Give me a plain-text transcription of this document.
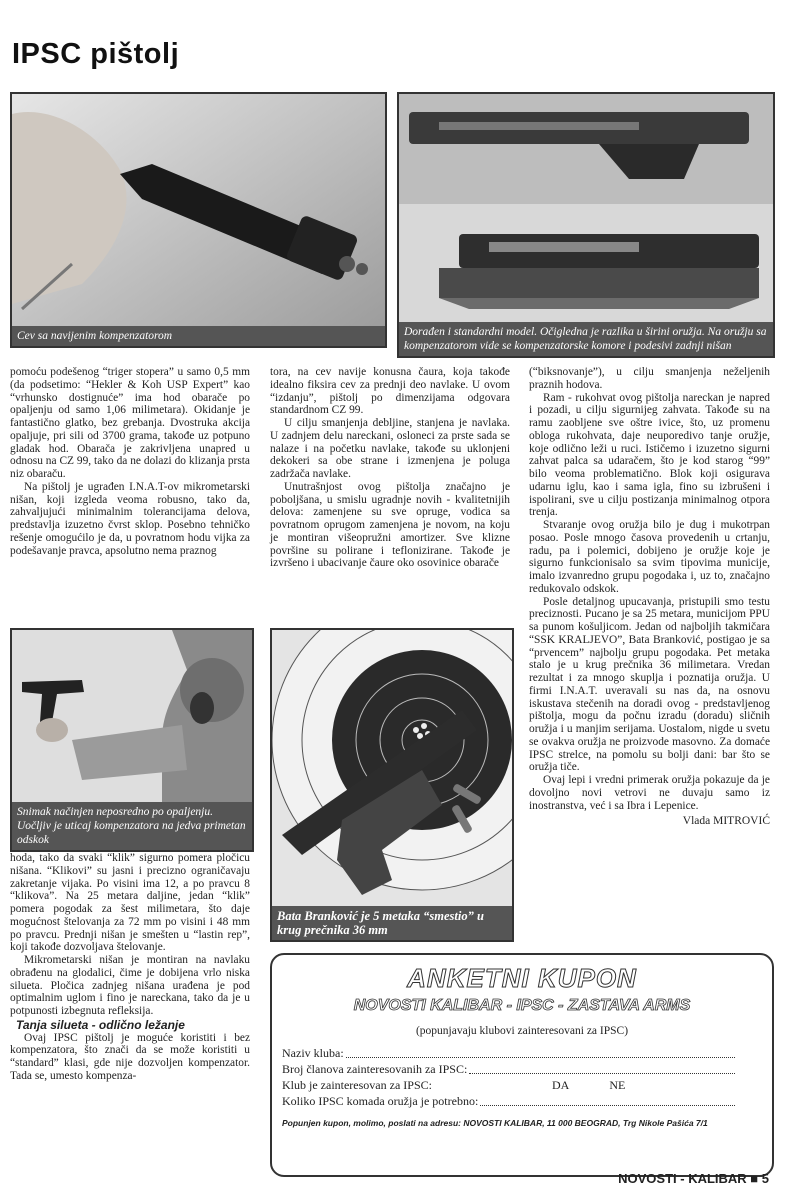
IPSC pištolj
Cev sa navijenim kompenzatorom	Dorađen i standardni model. Očigledna je razlika u širini oružja. Na oružju sa kompenzatorom vide se kompenzatorske komore i podesivi zadnji nišan

pomoću podešenog “triger stopera” u samo 0,5 mm (da podsetimo: “Hekler & Koh USP Expert” kao “vrhunsko dostignuće” ima hod obarače po opaljenju od samo 1,06 milimetara). Okidanje je fantastično glatko, bez grebanja. Dvostruka akcija opaljuje, pri sili od 3700 grama, takođe uz potpuno gladak hod. Obarača je zakrivljena unapred u odnosu na CZ 99, tako da ne dolazi do klizanja prsta niz obaraču.

Na pištolj je ugrađen I.N.A.T-ov mikrometarski nišan, koji izgleda veoma robusno, tako da, zahvaljujući minimalnim tolerancijama delova, predstavlja izuzetno čvrst sklop. Posebno tehničko rešenje omogućilo je da, u povratnom hodu vijka za podešavanje pravca, apsolutno nema praznog

tora, na cev navije konusna čaura, koja takođe idealno fiksira cev za prednji deo navlake. U ovom “izdanju”, pištolj po dimenzijama odgovara standardnom CZ 99.

U cilju smanjenja debljine, stanjena je navlaka. U zadnjem delu nareckani, osloneci za prste sada se nalaze i na početku navlake, takođe su uklonjeni dekokeri sa obe strane i izmenjena je poluga zadržača navlake.

Unutrašnjost ovog pištolja značajno je poboljšana, u smislu ugradnje novih - kvalitetnijih delova: zamenjene su sve opruge, vodica sa povratnom oprugom zamenjena je novom, na koju je montiran višeopružni amortizer. Sve klizne površine su polirane i teflonizirane. Takođe je izvršeno i ubacivanje čaure oko osovinice obarače

Snimak načinjen neposredno po opaljenju. Uočljiv je uticaj kompenzatora na jedva primetan odskok

hoda, tako da svaki “klik” sigurno pomera pločicu nišana. “Klikovi” su jasni i precizno ograničavaju zakretanje vijaka. Po visini ima 12, a po pravcu 8 “klikova”. Na 25 metara daljine, jedan “klik” pomera pogodak za šest milimetara, što daje mogućnost štelovanja za 72 mm po visini i 48 mm po pravcu. Prednji nišan je smešten u “lastin rep”, koji takođe dozvoljava štelovanje.

Mikrometarski nišan je montiran na navlaku obrađenu na glodalici, čime je dobijena vrlo niska silueta. Pločica zadnjeg nišana urađena je pod optimalnim uglom i fino je nareckana, tako da je u potpunosti izbegnuta refleksija.

Tanja silueta - odlično ležanje

Ovaj IPSC pištolj je moguće koristiti i bez kompenzatora, što znači da se može koristiti u “standard” klasi, gde nije dozvoljen kompenzator. Tada se, umesto kompenza-

Bata Branković je 5 metaka “smestio” u krug prečnika 36 mm

(“biksnovanje”), u cilju smanjenja neželjenih praznih hodova.

Ram - rukohvat ovog pištolja nareckan je napred i pozadi, u cilju sigurnijeg zahvata. Takođe su na ramu zaobljene sve oštre ivice, što, uz promenu obloga rukohvata, daje neuporedivo tanje oružje, koje odlično leži u ruci. Ističemo i izuzetno sigurni zahvat palca sa udaračem, što je kod starog “99” bilo veoma problematično. Blok koji osigurava udarnu iglu, kao i sama igla, fino su izbrušeni i ispolirani, sve u cilju postizanja minimalnog otpora trenja.

Stvaranje ovog oružja bilo je dug i mukotrpan posao. Posle mnogo časova provedenih u crtanju, radu, pa i polemici, dobijeno je oružje koje je sigurno funkcionisalo sa svim tipovima municije, imalo izvanredno grupu pogodaka i, uz to, značajno redukovalo odskok.

Posle detaljnog upucavanja, pristupili smo testu preciznosti. Pucano je sa 25 metara, municijom PPU sa punom košuljicom. Jedan od najboljih takmičara “SSK KRALJEVO”, Bata Branković, postigao je sa “prvencem” najbolju grupu pogodaka. Pet metaka stalo je u krug prečnika 36 milimetara. Vredan rezultat i za mnogo skuplja i poznatija oružja. U firmi I.N.A.T. uveravali su nas da, na osnovu iskustava stečenih na doradi ovog - predstavljenog pištolja, mogu da počnu izradu (doradu) sličnih oružja i u manjim serijama. Uostalom, nigde u svetu se ovakva oružja ne proizvode masovno. Za domaće IPSC strelce, na pomolu su bolji dani: bar što se oružja tiče.

Ovaj lepi i vredni primerak oružja pokazuje da je dovoljno novi vetrovi ne duvaju samo iz inostranstva, već i sa Ibra i Lepenice.

Vlada MITROVIĆ
ANKETNI KUPON
NOVOSTI KALIBAR - IPSC - ZASTAVA ARMS
(popunjavaju klubovi zainteresovani za IPSC)
Naziv kluba:
Broj članova zainteresovanih za IPSC:
Klub je zainteresovan za IPSC:	DA	NE
Koliko IPSC komada oružja je potrebno:
Popunjen kupon, molimo, poslati na adresu: NOVOSTI KALIBAR, 11 000 BEOGRAD, Trg Nikole Pašića 7/1
NOVOSTI - KALIBAR ■ 5
